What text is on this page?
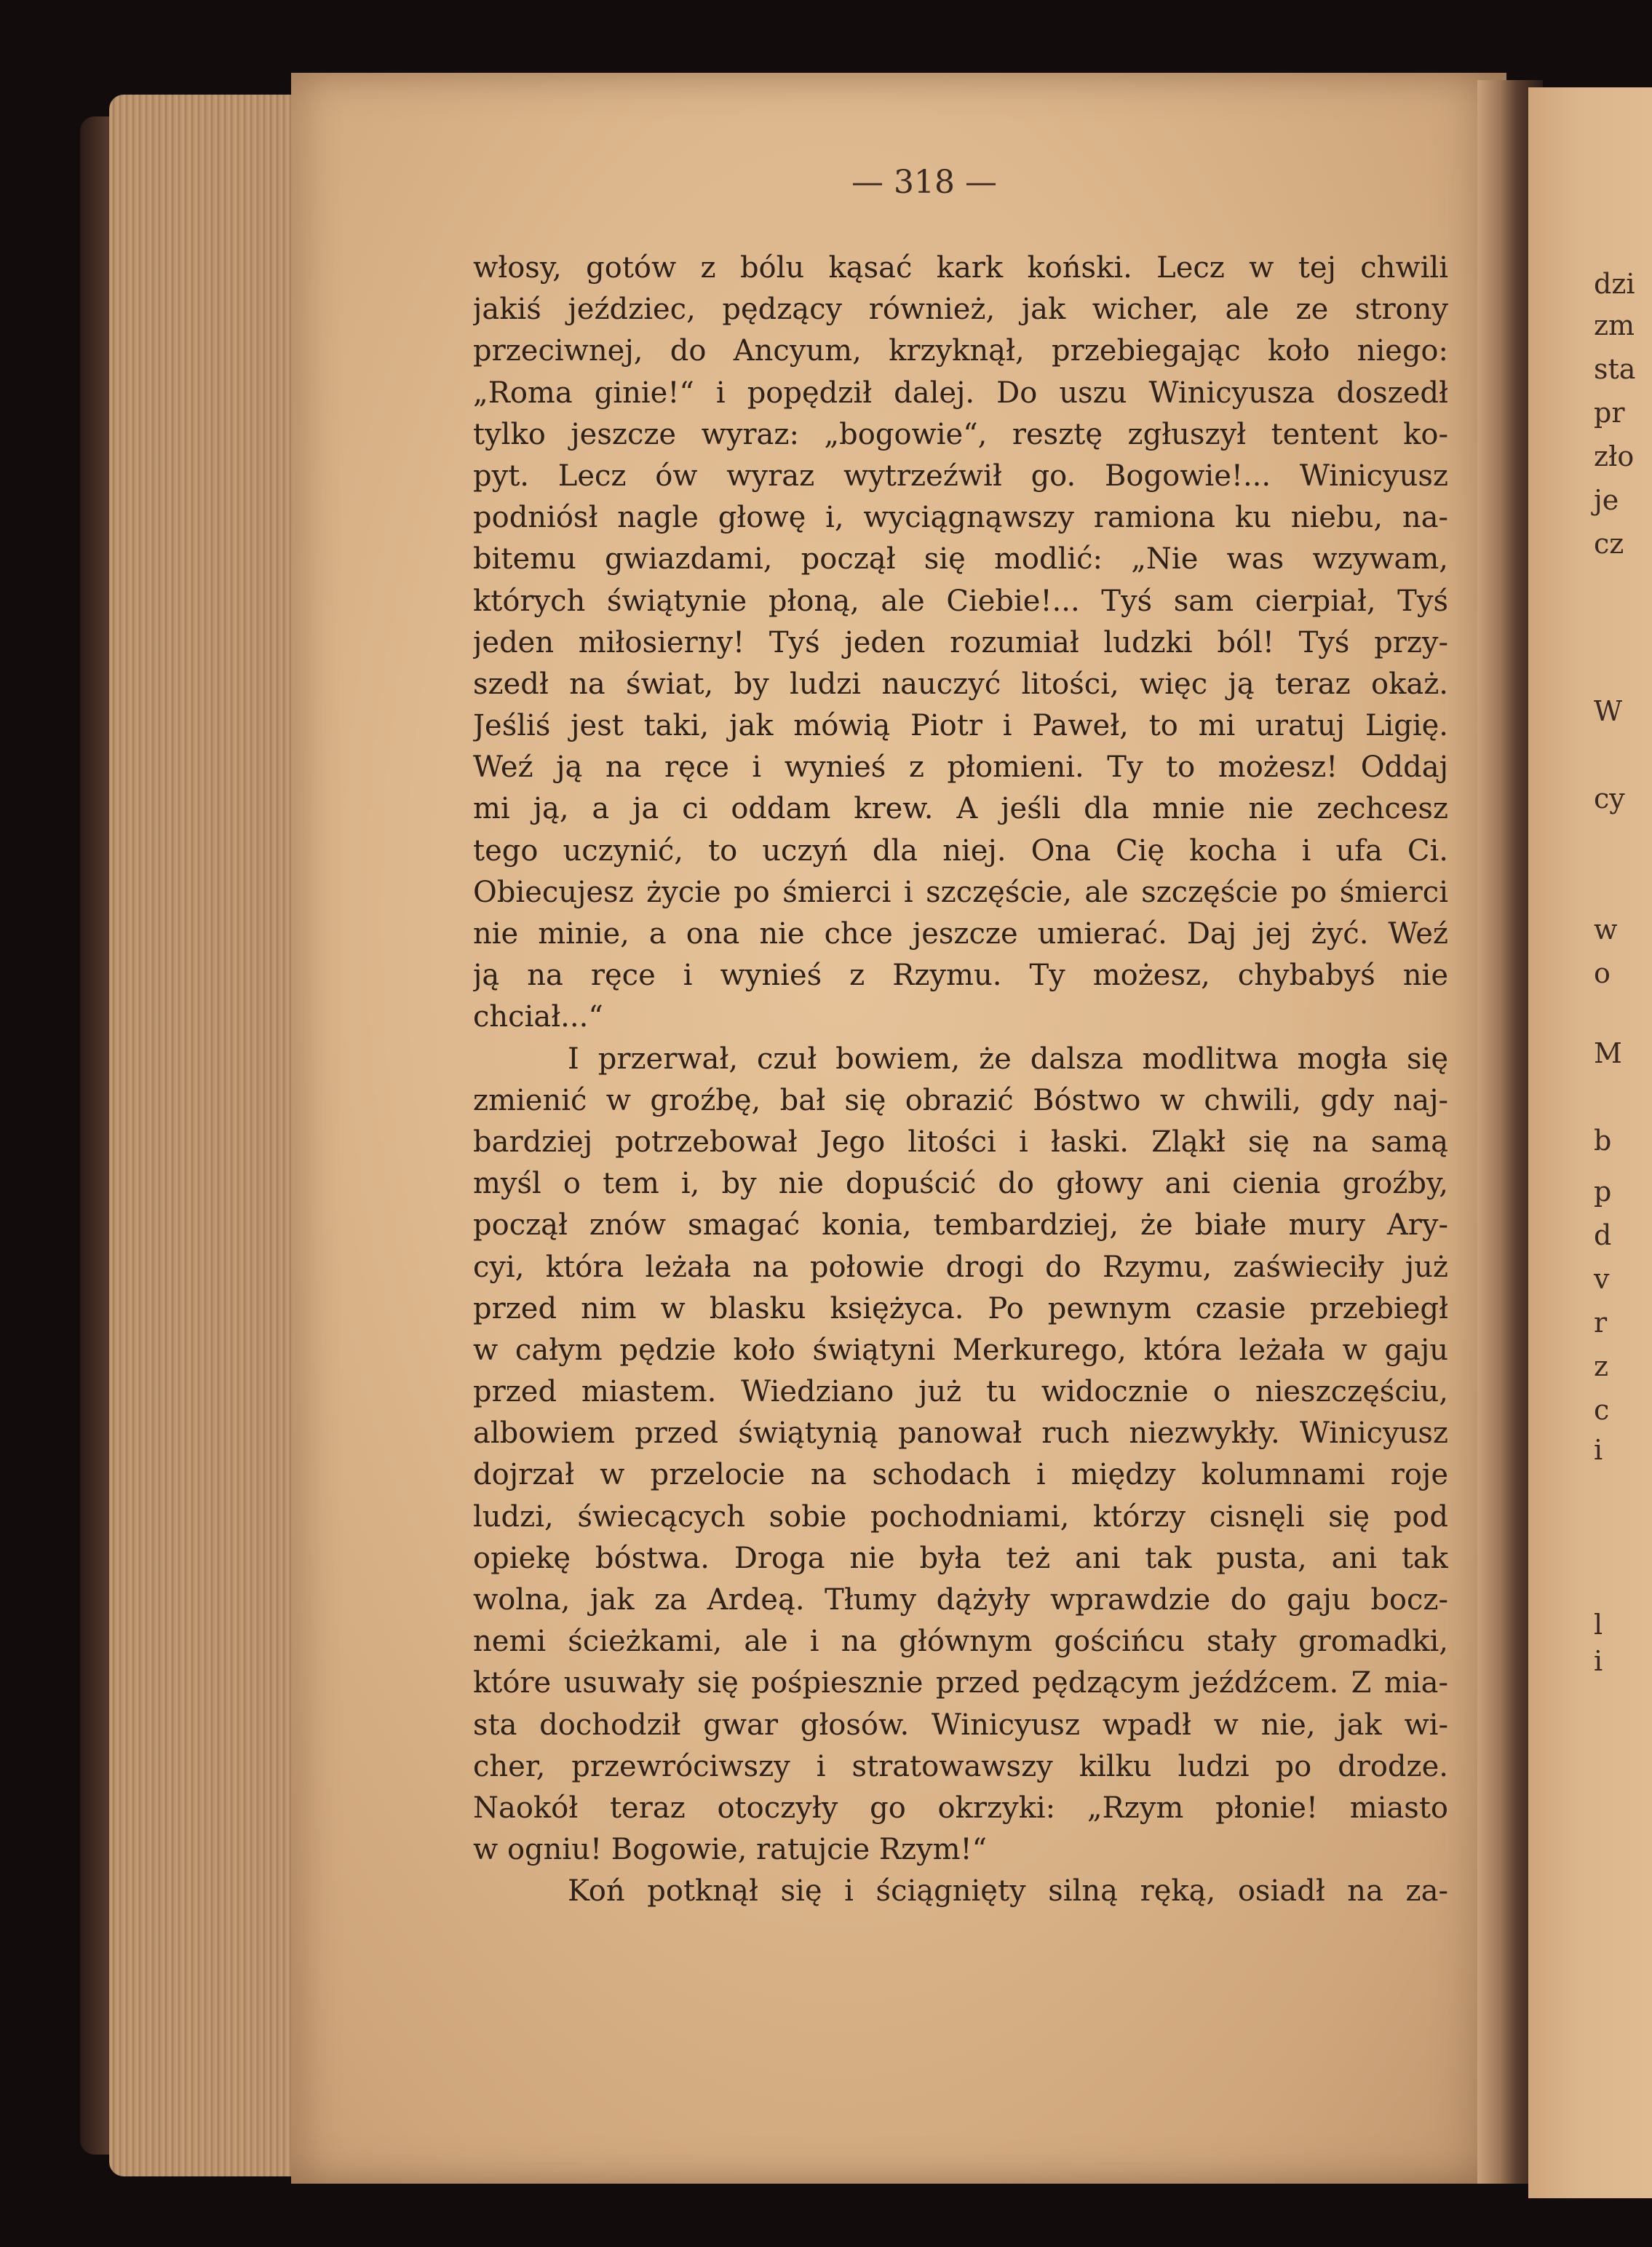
— 318 —
włosy, gotów z bólu kąsać kark koński. Lecz w tej chwili
jakiś jeździec, pędzący również, jak wicher, ale ze strony
przeciwnej, do Ancyum, krzyknął, przebiegając koło niego:
„Roma ginie!“ i popędził dalej. Do uszu Winicyusza doszedł
tylko jeszcze wyraz: „bogowie“, resztę zgłuszył tentent ko-
pyt. Lecz ów wyraz wytrzeźwił go. Bogowie!... Winicyusz
podniósł nagle głowę i, wyciągnąwszy ramiona ku niebu, na-
bitemu gwiazdami, począł się modlić: „Nie was wzywam,
których świątynie płoną, ale Ciebie!... Tyś sam cierpiał, Tyś
jeden miłosierny! Tyś jeden rozumiał ludzki ból! Tyś przy-
szedł na świat, by ludzi nauczyć litości, więc ją teraz okaż.
Jeśliś jest taki, jak mówią Piotr i Paweł, to mi uratuj Ligię.
Weź ją na ręce i wynieś z płomieni. Ty to możesz! Oddaj
mi ją, a ja ci oddam krew. A jeśli dla mnie nie zechcesz
tego uczynić, to uczyń dla niej. Ona Cię kocha i ufa Ci.
Obiecujesz życie po śmierci i szczęście, ale szczęście po śmierci
nie minie, a ona nie chce jeszcze umierać. Daj jej żyć. Weź
ją na ręce i wynieś z Rzymu. Ty możesz, chybabyś nie
chciał...“
I przerwał, czuł bowiem, że dalsza modlitwa mogła się
zmienić w groźbę, bał się obrazić Bóstwo w chwili, gdy naj-
bardziej potrzebował Jego litości i łaski. Zląkł się na samą
myśl o tem i, by nie dopuścić do głowy ani cienia groźby,
począł znów smagać konia, tembardziej, że białe mury Ary-
cyi, która leżała na połowie drogi do Rzymu, zaświeciły już
przed nim w blasku księżyca. Po pewnym czasie przebiegł
w całym pędzie koło świątyni Merkurego, która leżała w gaju
przed miastem. Wiedziano już tu widocznie o nieszczęściu,
albowiem przed świątynią panował ruch niezwykły. Winicyusz
dojrzał w przelocie na schodach i między kolumnami roje
ludzi, świecących sobie pochodniami, którzy cisnęli się pod
opiekę bóstwa. Droga nie była też ani tak pusta, ani tak
wolna, jak za Ardeą. Tłumy dążyły wprawdzie do gaju bocz-
nemi ścieżkami, ale i na głównym gościńcu stały gromadki,
które usuwały się pośpiesznie przed pędzącym jeźdźcem. Z mia-
sta dochodził gwar głosów. Winicyusz wpadł w nie, jak wi-
cher, przewróciwszy i stratowawszy kilku ludzi po drodze.
Naokół teraz otoczyły go okrzyki: „Rzym płonie! miasto
w ogniu! Bogowie, ratujcie Rzym!“
Koń potknął się i ściągnięty silną ręką, osiadł na za-
dzi
zm
sta
pr
zło
je
cz
W
cy
w
o
M
b
p
d
v
r
z
c
i
l
i
